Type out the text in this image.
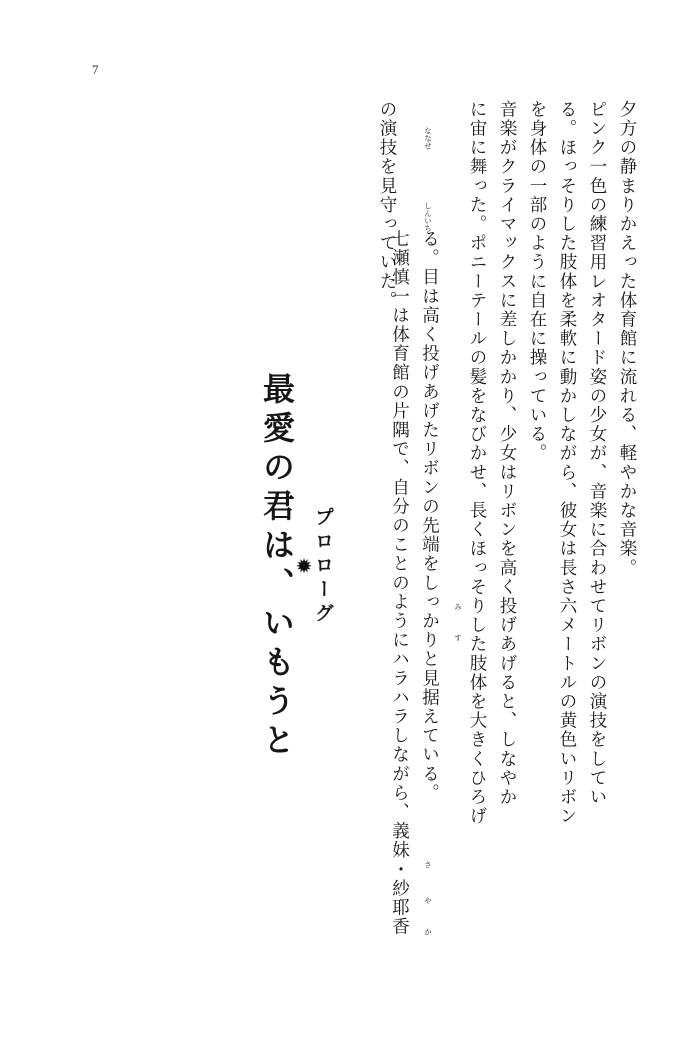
7
夕方の静まりかえった体育館に流れる、軽やかな音楽。
ピンク一色の練習用レオタード姿の少女が、音楽に合わせてリボンの演技をしてい
る。ほっそりした肢体を柔軟に動かしながら、彼女は長さ六メートルの黄色いリボン
を身体の一部のように自在に操っている。
音楽がクライマックスに差しかかり、少女はリボンを高く投げあげると、しなやか
に宙に舞った。ポニーテールの髪をなびかせ、長くほっそりした肢体を大きくひろげ

る。目は高く投げあげたリボンの先端をしっかりと見据えている。

七瀬慎一は体育館の片隅で、自分のことのようにハラハラしながら、義妹・紗耶香

の演技を見守っていた。

プロローグ
✹
最愛の君は、いもうと

	み
す
ななせ
しんいち
さ
や
か
